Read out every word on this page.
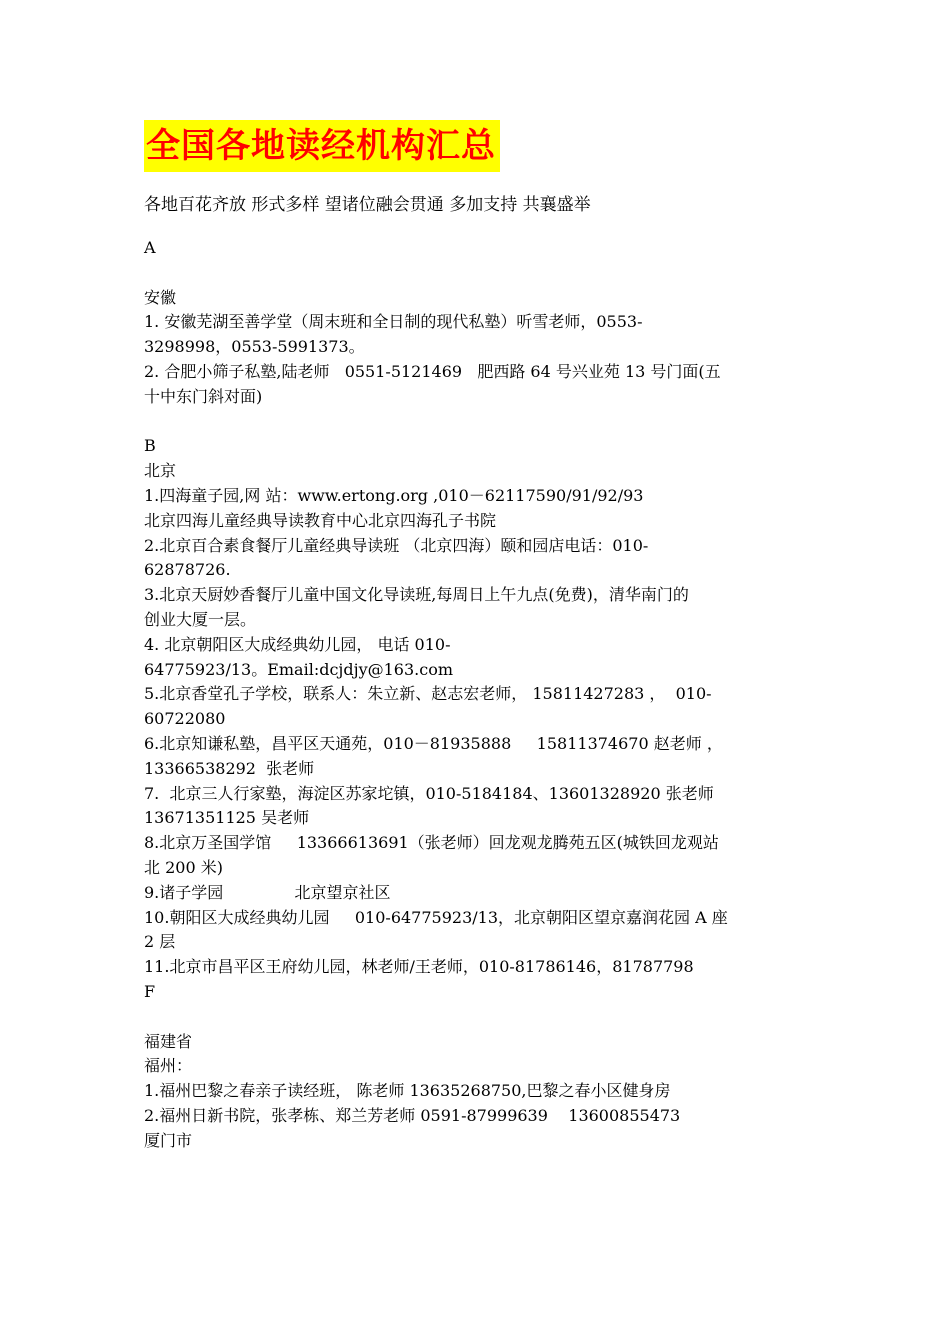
全国各地读经机构汇总
各地百花齐放 形式多样 望诸位融会贯通 多加支持 共襄盛举
A
安徽
1. 安徽芜湖至善学堂（周末班和全日制的现代私塾）听雪老师，0553-
3298998，0553-5991373。
2. 合肥小筛子私塾,陆老师   0551-5121469   肥西路 64 号兴业苑 13 号门面(五
十中东门斜对面)
B
北京
1.四海童子园,网 站：www.ertong.org ,010－62117590/91/92/93
北京四海儿童经典导读教育中心北京四海孔子书院
2.北京百合素食餐厅儿童经典导读班 （北京四海）颐和园店电话：010-
62878726.
3.北京天厨妙香餐厅儿童中国文化导读班,每周日上午九点(免费)，清华南门的
创业大厦一层。
4. 北京朝阳区大成经典幼儿园， 电话 010-
64775923/13。Email:dcjdjy@163.com
5.北京香堂孔子学校，联系人：朱立新、赵志宏老师， 15811427283 ，  010-
60722080
6.北京知谦私塾，昌平区天通苑，010－81935888     15811374670 赵老师 ，
13366538292  张老师
7.  北京三人行家塾，海淀区苏家坨镇，010-5184184、13601328920 张老师
13671351125 吴老师
8.北京万圣国学馆     13366613691（张老师）回龙观龙腾苑五区(城铁回龙观站
北 200 米)
9.诸子学园              北京望京社区
10.朝阳区大成经典幼儿园     010-64775923/13，北京朝阳区望京嘉润花园 A 座
2 层
11.北京市昌平区王府幼儿园，林老师/王老师，010-81786146，81787798
F
福建省
福州：
1.福州巴黎之春亲子读经班， 陈老师 13635268750,巴黎之春小区健身房
2.福州日新书院，张孝栋、郑兰芳老师 0591-87999639    13600855473
厦门市
